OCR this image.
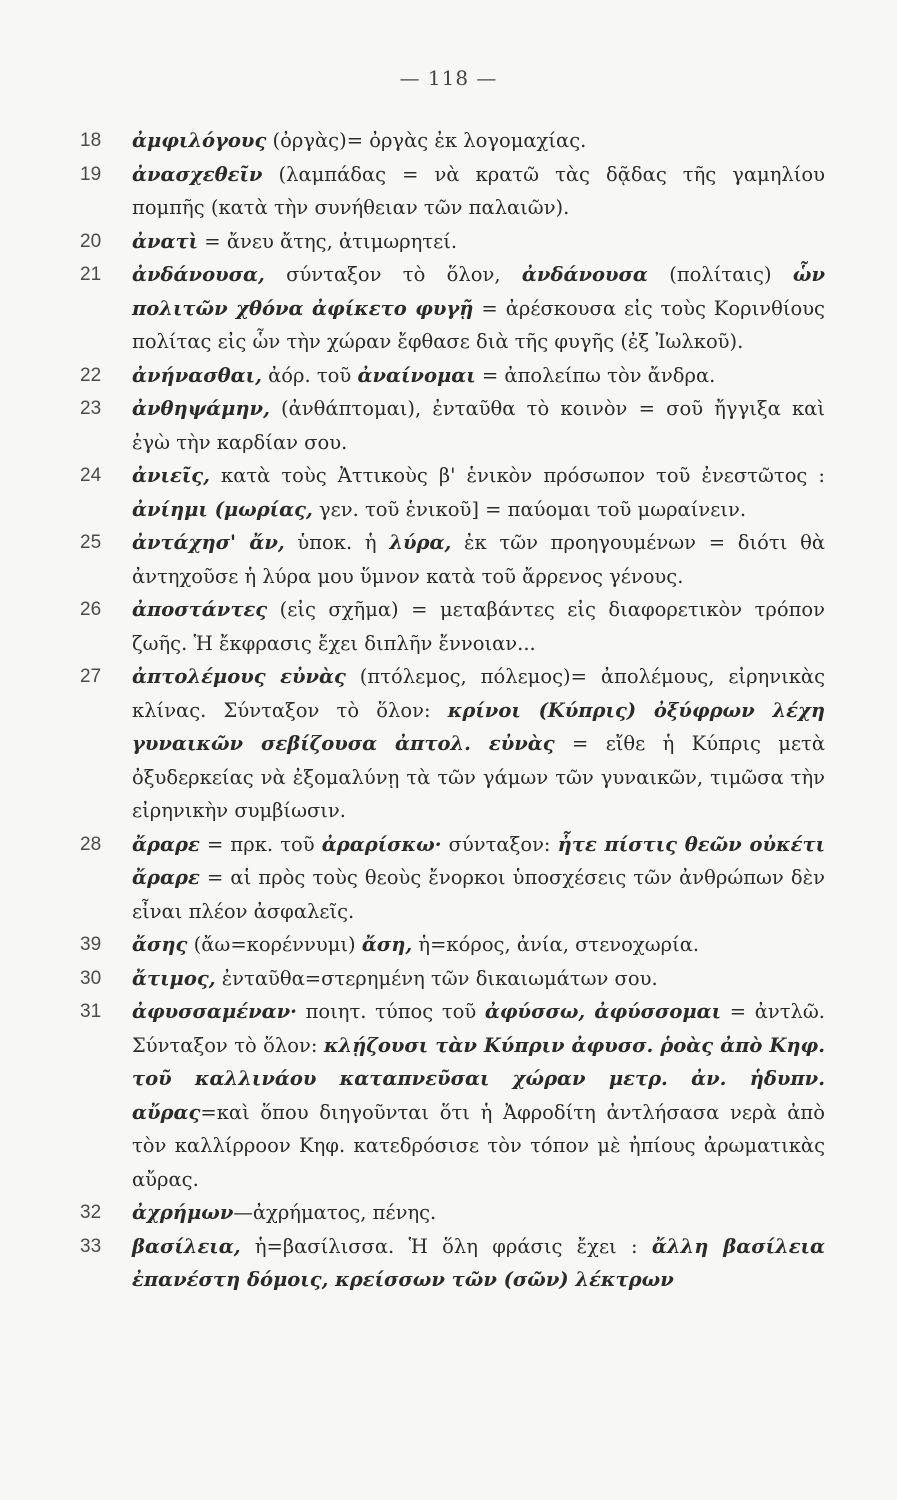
— 118 —
18 ἀμφιλόγους (ὀργὰς)= ὀργὰς ἐκ λογομαχίας.
19 ἀνασχεθεῖν (λαμπάδας = νὰ κρατῶ τὰς δᾷδας τῆς γαμηλίου πομπῆς (κατὰ τὴν συνήθειαν τῶν παλαιῶν).
20 ἀνατὶ = ἄνευ ἄτης, ἀτιμωρητεί.
21 ἀνδάνουσα, σύνταξον τὸ ὅλον, ἀνδάνουσα (πολίταις) ὧν πολιτῶν χθόνα ἀφίκετο φυγῇ = ἀρέσκουσα εἰς τοὺς Κορινθίους πολίτας εἰς ὧν τὴν χώραν ἔφθασε διὰ τῆς φυγῆς (ἐξ Ἰωλκοῦ).
22 ἀνήνασθαι, ἀόρ. τοῦ ἀναίνομαι = ἀπολείπω τὸν ἄνδρα.
23 ἀνθηψάμην, (ἀνθάπτομαι), ἐνταῦθα τὸ κοινὸν = σοῦ ἤγγιξα καὶ ἐγὼ τὴν καρδίαν σου.
24 ἀνιεῖς, κατὰ τοὺς Ἀττικοὺς β' ἑνικὸν πρόσωπον τοῦ ἐνεστῶτος : ἀνίημι (μωρίας, γεν. τοῦ ἑνικοῦ] = παύομαι τοῦ μωραίνειν.
25 ἀντάχησ' ἄν, ὑποκ. ἡ λύρα, ἐκ τῶν προηγουμένων = διότι θὰ ἀντηχοῦσε ἡ λύρα μου ὕμνον κατὰ τοῦ ἄρρενος γένους.
26 ἀποστάντες (εἰς σχῆμα) = μεταβάντες εἰς διαφορετικὸν τρόπον ζωῆς. Ἡ ἔκφρασις ἔχει διπλῆν ἔννοιαν...
27 ἀπτολέμους εὐνὰς (πτόλεμος, πόλεμος)= ἀπολέμους, εἰρηνικὰς κλίνας. Σύνταξον τὸ ὅλον: κρίνοι (Κύπρις) ὀξύφρων λέχη γυναικῶν σεβίζουσα ἀπτολ. εὐνὰς = εἴθε ἡ Κύπρις μετὰ ὀξυδερκείας νὰ ἐξομαλύνῃ τὰ τῶν γάμων τῶν γυναικῶν, τιμῶσα τὴν εἰρηνικὴν συμβίωσιν.
28 ἄραρε = πρκ. τοῦ ἀραρίσκω· σύνταξον: ἦτε πίστις θεῶν οὐκέτι ἄραρε = αἱ πρὸς τοὺς θεοὺς ἔνορκοι ὑποσχέσεις τῶν ἀνθρώπων δὲν εἶναι πλέον ἀσφαλεῖς.
39 ἄσης (ἄω=κορέννυμι) ἄση, ἡ=κόρος, ἀνία, στενοχωρία.
30 ἄτιμος, ἐνταῦθα=στερημένη τῶν δικαιωμάτων σου.
31 ἀφυσσαμέναν· ποιητ. τύπος τοῦ ἀφύσσω, ἀφύσσομαι = ἀντλῶ. Σύνταξον τὸ ὅλον: κλῄζουσι τὰν Κύπριν ἀφυσσ. ῥοὰς ἀπὸ Κηφ. τοῦ καλλινάου καταπνεῦσαι χώραν μετρ. ἀν. ἡδυπν. αὔρας=καὶ ὅπου διηγοῦνται ὅτι ἡ Ἀφροδίτη ἀντλήσασα νερὰ ἀπὸ τὸν καλλίρροον Κηφ. κατεδρόσισε τὸν τόπον μὲ ἠπίους ἀρωματικὰς αὔρας.
32 ἀχρήμων—ἀχρήματος, πένης.
33 βασίλεια, ἡ=βασίλισσα. Ἡ ὅλη φράσις ἔχει : ἄλλη βασίλεια ἐπανέστη δόμοις, κρείσσων τῶν (σῶν) λέκτρων
